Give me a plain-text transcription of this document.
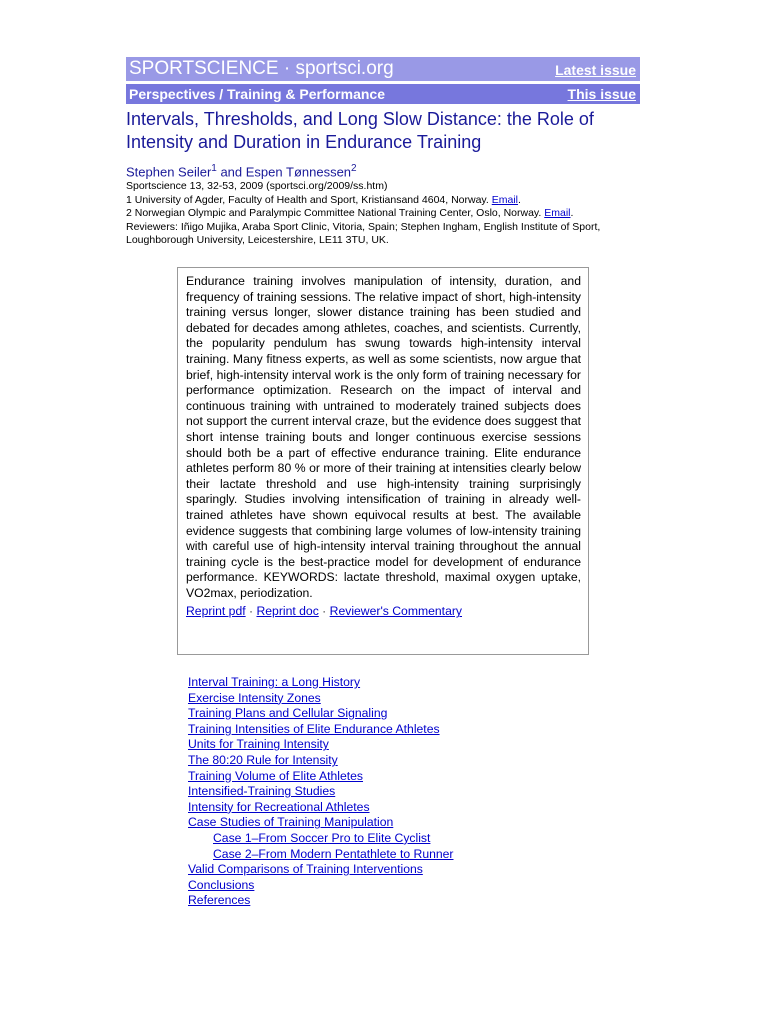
SPORTSCIENCE · sportsci.org	Latest issue
Perspectives / Training & Performance	This issue
Intervals, Thresholds, and Long Slow Distance: the Role of Intensity and Duration in Endurance Training
Stephen Seiler$^1$ and Espen Tønnessen$^2$
Sportscience 13, 32-53, 2009 (sportsci.org/2009/ss.htm)
1 University of Agder, Faculty of Health and Sport, Kristiansand 4604, Norway. Email.
2 Norwegian Olympic and Paralympic Committee National Training Center, Oslo, Norway. Email.
Reviewers: Iñigo Mujika, Araba Sport Clinic, Vitoria, Spain; Stephen Ingham, English Institute of Sport,
Loughborough University, Leicestershire, LE11 3TU, UK.

Endurance training involves manipulation of intensity, duration, and frequency of training sessions. The relative impact of short, high-intensity training versus longer, slower distance training has been studied and debated for decades among athletes, coaches, and scientists. Currently, the popularity pendulum has swung towards high-intensity interval training. Many fitness experts, as well as some scientists, now argue that brief, high-intensity interval work is the only form of training necessary for performance optimization. Research on the impact of interval and continuous training with untrained to moderately trained subjects does not support the current interval craze, but the evidence does suggest that short intense training bouts and longer continuous exercise sessions should both be a part of effective endurance training. Elite endurance athletes perform 80 % or more of their training at intensities clearly below their lactate threshold and use high-intensity training surprisingly sparingly. Studies involving intensification of training in already well-trained athletes have shown equivocal results at best. The available evidence suggests that combining large volumes of low-intensity training with careful use of high-intensity interval training throughout the annual training cycle is the best-practice model for development of endurance performance. KEYWORDS: lactate threshold, maximal oxygen uptake, VO2max, periodization.

Reprint pdf · Reprint doc · Reviewer's Commentary
Interval Training: a Long History
Exercise Intensity Zones
Training Plans and Cellular Signaling
Training Intensities of Elite Endurance Athletes
Units for Training Intensity
The 80:20 Rule for Intensity
Training Volume of Elite Athletes
Intensified-Training Studies
Intensity for Recreational Athletes
Case Studies of Training Manipulation
Case 1–From Soccer Pro to Elite Cyclist
Case 2–From Modern Pentathlete to Runner
Valid Comparisons of Training Interventions
Conclusions
References
